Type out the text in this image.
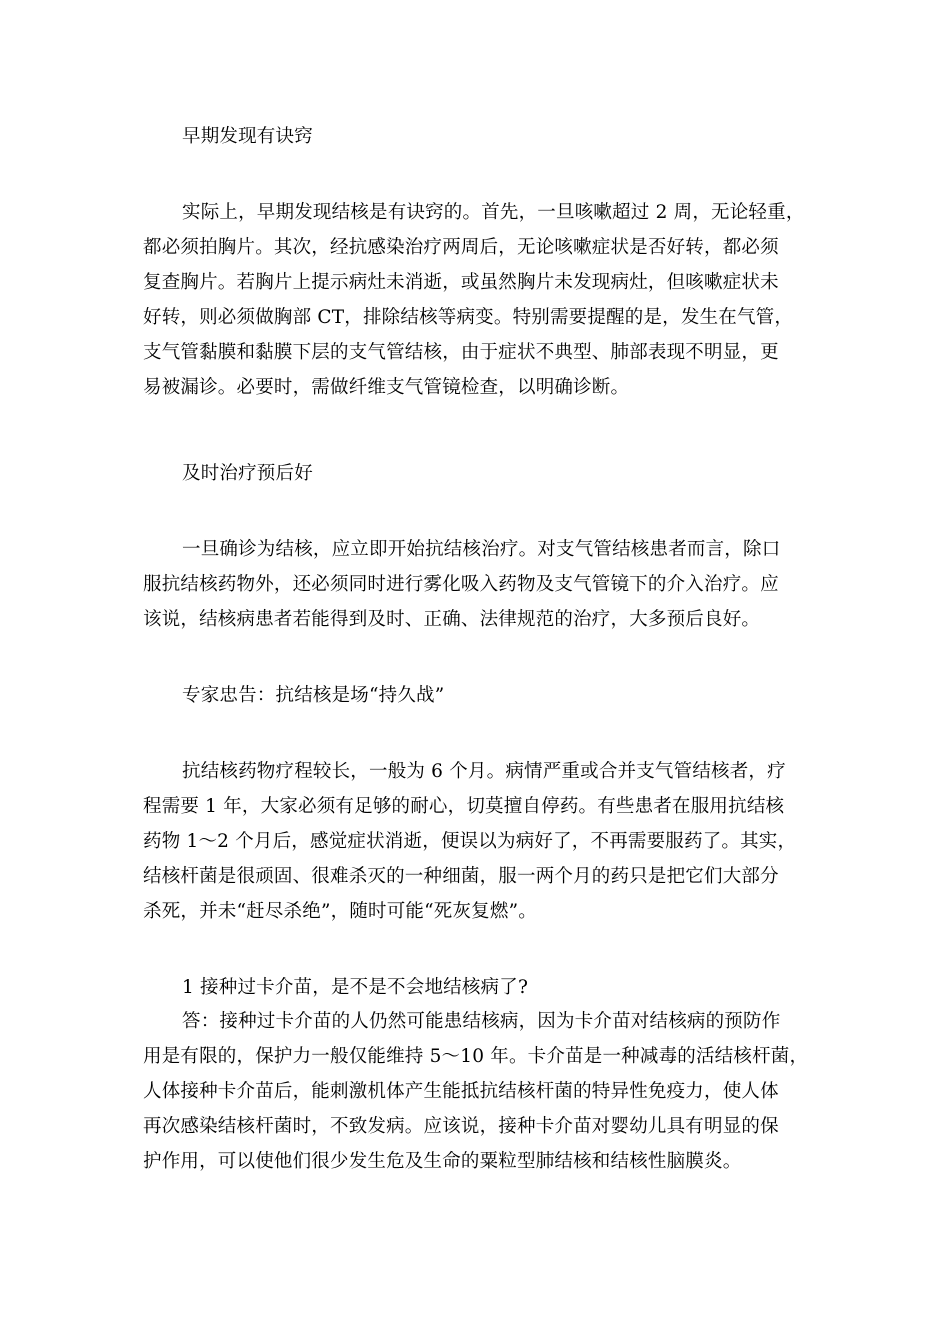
早期发现有诀窍
实际上，早期发现结核是有诀窍的。首先，一旦咳嗽超过 2 周，无论轻重，
都必须拍胸片。其次，经抗感染治疗两周后，无论咳嗽症状是否好转，都必须
复查胸片。若胸片上提示病灶未消逝，或虽然胸片未发现病灶，但咳嗽症状未
好转，则必须做胸部 CT，排除结核等病变。特别需要提醒的是，发生在气管，
支气管黏膜和黏膜下层的支气管结核，由于症状不典型、肺部表现不明显，更
易被漏诊。必要时，需做纤维支气管镜检查，以明确诊断。
及时治疗预后好
一旦确诊为结核，应立即开始抗结核治疗。对支气管结核患者而言，除口
服抗结核药物外，还必须同时进行雾化吸入药物及支气管镜下的介入治疗。应
该说，结核病患者若能得到及时、正确、法律规范的治疗，大多预后良好。
专家忠告：抗结核是场“持久战”
抗结核药物疗程较长，一般为 6 个月。病情严重或合并支气管结核者，疗
程需要 1 年，大家必须有足够的耐心，切莫擅自停药。有些患者在服用抗结核
药物 1～2 个月后，感觉症状消逝，便误以为病好了，不再需要服药了。其实，
结核杆菌是很顽固、很难杀灭的一种细菌，服一两个月的药只是把它们大部分
杀死，并未“赶尽杀绝”，随时可能“死灰复燃”。
1 接种过卡介苗，是不是不会地结核病了?
答：接种过卡介苗的人仍然可能患结核病，因为卡介苗对结核病的预防作
用是有限的，保护力一般仅能维持 5～10 年。卡介苗是一种减毒的活结核杆菌，
人体接种卡介苗后，能刺激机体产生能抵抗结核杆菌的特异性免疫力，使人体
再次感染结核杆菌时，不致发病。应该说，接种卡介苗对婴幼儿具有明显的保
护作用，可以使他们很少发生危及生命的粟粒型肺结核和结核性脑膜炎。
